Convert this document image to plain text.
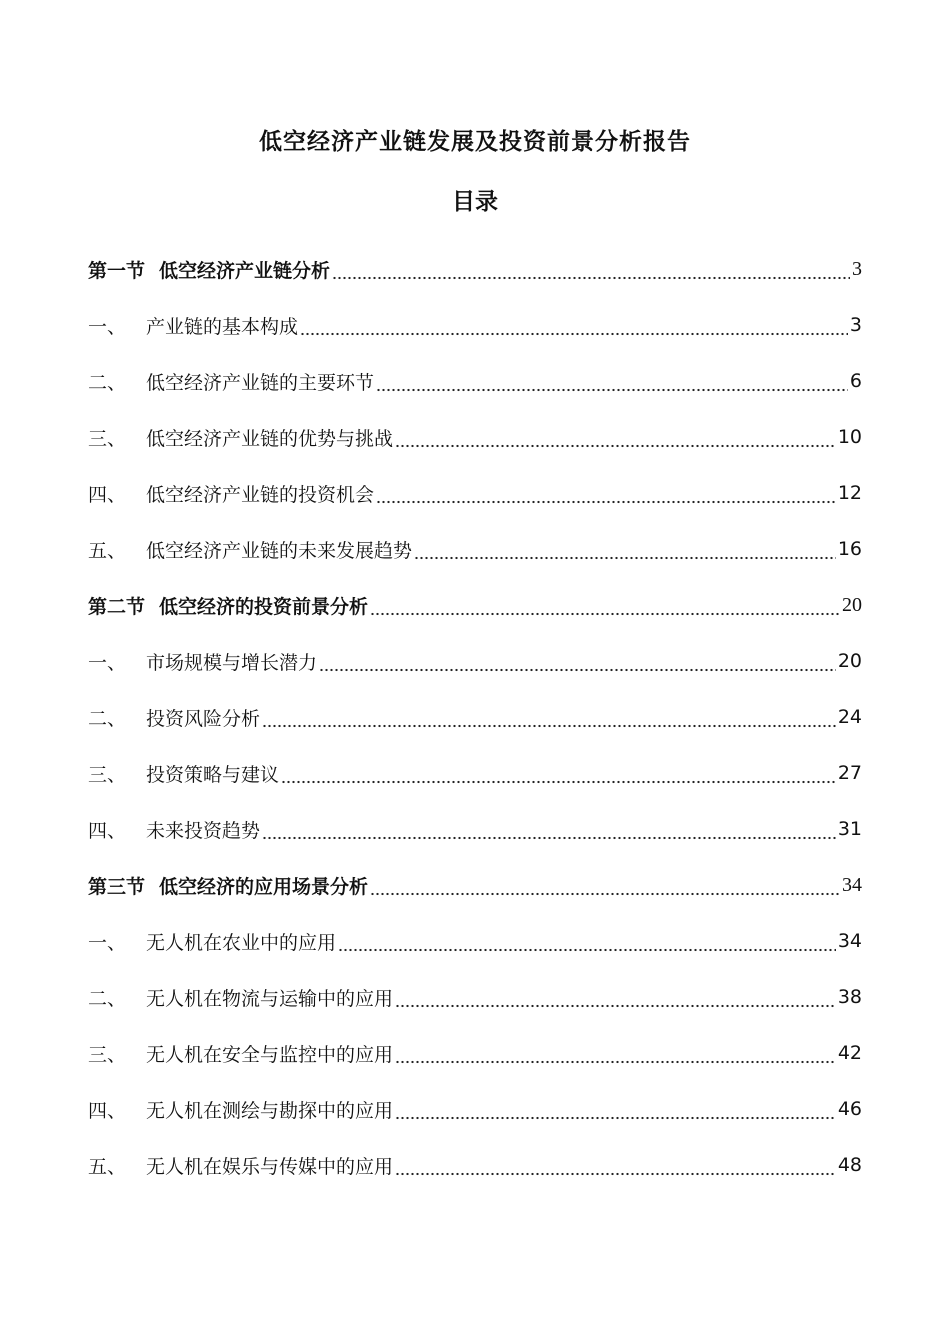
低空经济产业链发展及投资前景分析报告
目录
第一节 低空经济产业链分析	3
一、	产业链的基本构成	3
二、	低空经济产业链的主要环节	6
三、	低空经济产业链的优势与挑战	10
四、	低空经济产业链的投资机会	12
五、	低空经济产业链的未来发展趋势	16
第二节 低空经济的投资前景分析	20
一、	市场规模与增长潜力	20
二、	投资风险分析	24
三、	投资策略与建议	27
四、	未来投资趋势	31
第三节 低空经济的应用场景分析	34
一、	无人机在农业中的应用	34
二、	无人机在物流与运输中的应用	38
三、	无人机在安全与监控中的应用	42
四、	无人机在测绘与勘探中的应用	46
五、	无人机在娱乐与传媒中的应用	48
